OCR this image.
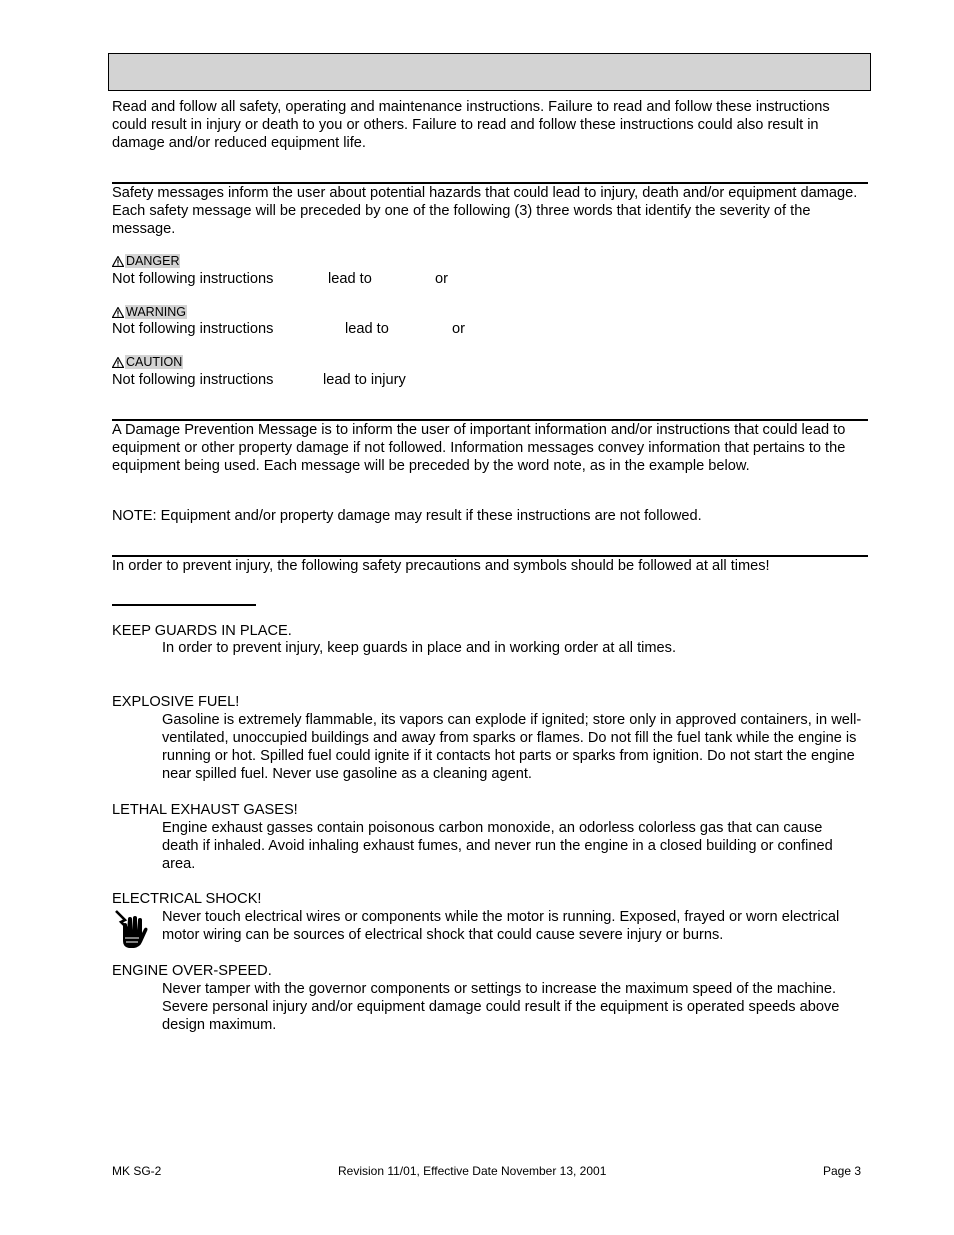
Read and follow all safety, operating and maintenance instructions. Failure to read and follow these instructions could result in injury or death to you or others. Failure to read and follow these instructions could also result in damage and/or reduced equipment life.
Safety messages inform the user about potential hazards that could lead to injury, death and/or equipment damage. Each safety message will be preceded by one of the following (3) three words that identify the severity of the message.
DANGER
Not following instructions	lead to	or
WARNING
Not following instructions	lead to	or
CAUTION
Not following instructions	lead to injury
A Damage Prevention Message is to inform the user of important information and/or instructions that could lead to equipment or other property damage if not followed. Information messages convey information that pertains to the equipment being used. Each message will be preceded by the word note, as in the example below.
NOTE: Equipment and/or property damage may result if these instructions are not followed.
In order to prevent injury, the following safety precautions and symbols should be followed at all times!
KEEP GUARDS IN PLACE.
In order to prevent injury, keep guards in place and in working order at all times.
EXPLOSIVE FUEL!
Gasoline is extremely flammable, its vapors can explode if ignited; store only in approved containers, in well-ventilated, unoccupied buildings and away from sparks or flames. Do not fill the fuel tank while the engine is running or hot. Spilled fuel could ignite if it contacts hot parts or sparks from ignition. Do not start the engine near spilled fuel. Never use gasoline as a cleaning agent.
LETHAL EXHAUST GASES!
Engine exhaust gasses contain poisonous carbon monoxide, an odorless colorless gas that can cause death if inhaled. Avoid inhaling exhaust fumes, and never run the engine in a closed building or confined area.
ELECTRICAL SHOCK!
Never touch electrical wires or components while the motor is running. Exposed, frayed or worn electrical motor wiring can be sources of electrical shock that could cause severe injury or burns.
ENGINE OVER-SPEED.
Never tamper with the governor components or settings to increase the maximum speed of the machine. Severe personal injury and/or equipment damage could result if the equipment is operated speeds above design maximum.
MK SG-2	Revision 11/01, Effective Date November 13, 2001	Page 3
